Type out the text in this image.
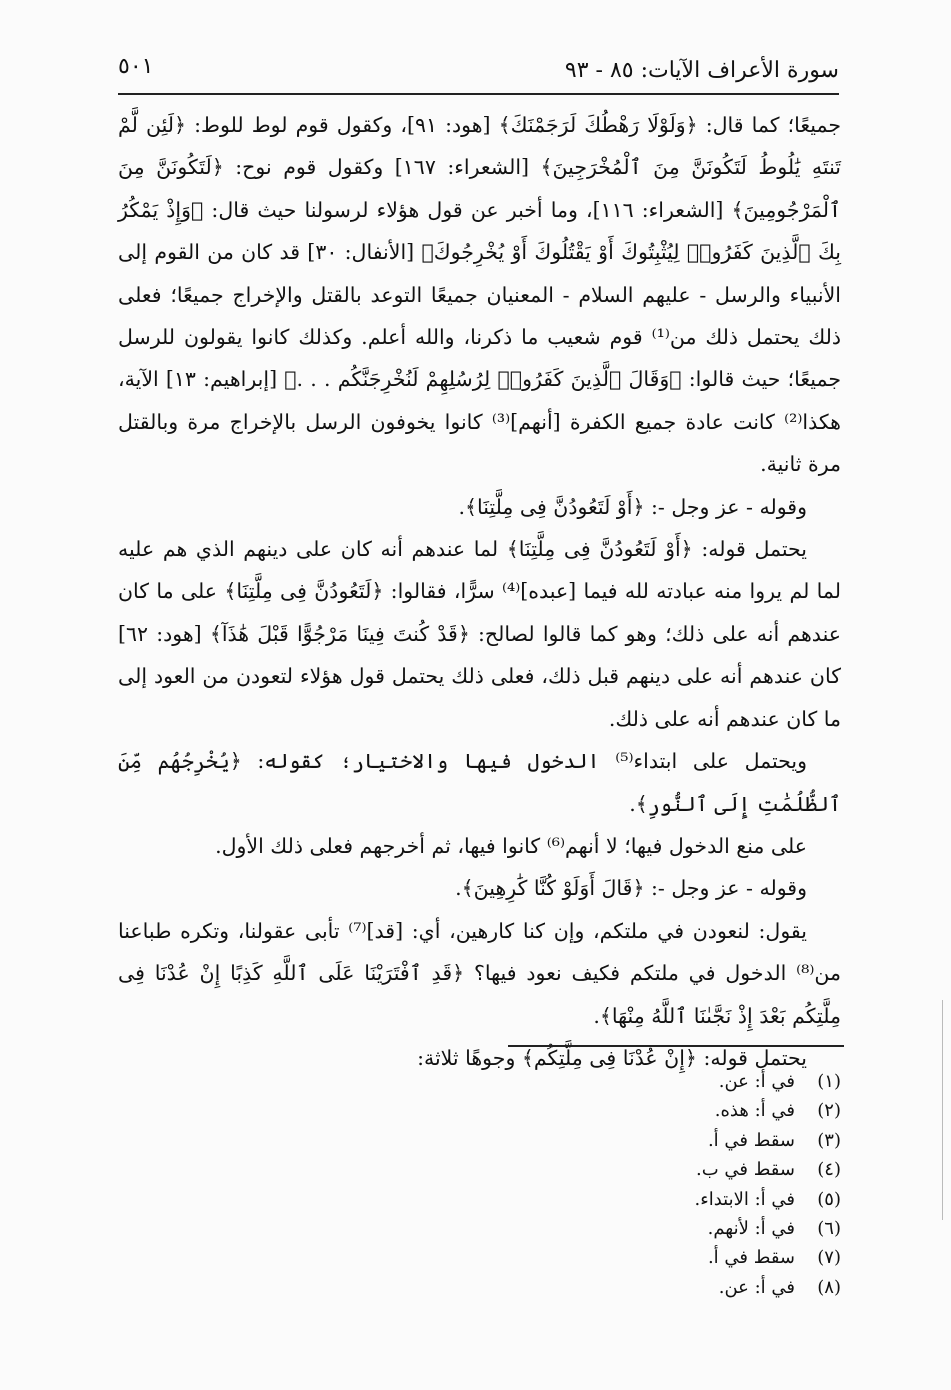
سورة الأعراف الآيات: ٨٥ - ٩٣
٥٠١

جميعًا؛ كما قال: ﴿وَلَوْلَا رَهْطُكَ لَرَجَمْنَكَ﴾ [هود: ٩١]، وكقول قوم لوط للوط: ﴿لَئِن لَّمْ تَنتَهِ يَٰلُوطُ لَتَكُونَنَّ مِنَ ٱلْمُخْرَجِينَ﴾ [الشعراء: ١٦٧] وكقول قوم نوح: ﴿لَتَكُونَنَّ مِنَ ٱلْمَرْجُومِينَ﴾ [الشعراء: ١١٦]، وما أخبر عن قول هؤلاء لرسولنا حيث قال: ﴿وَإِذْ يَمْكُرُ بِكَ ٱلَّذِينَ كَفَرُوا۟ لِيُثْبِتُوكَ أَوْ يَقْتُلُوكَ أَوْ يُخْرِجُوكَ﴾ [الأنفال: ٣٠] قد كان من القوم إلى الأنبياء والرسل - عليهم السلام - المعنيان جميعًا التوعد بالقتل والإخراج جميعًا؛ فعلى ذلك يحتمل ذلك من⁽¹⁾ قوم شعيب ما ذكرنا، والله أعلم. وكذلك كانوا يقولون للرسل جميعًا؛ حيث قالوا: ﴿وَقَالَ ٱلَّذِينَ كَفَرُوا۟ لِرُسُلِهِمْ لَنُخْرِجَنَّكُم . . .﴾ [إبراهيم: ١٣] الآية، هكذا⁽²⁾ كانت عادة جميع الكفرة [أنهم]⁽³⁾ كانوا يخوفون الرسل بالإخراج مرة وبالقتل مرة ثانية.

وقوله - عز وجل -: ﴿أَوْ لَتَعُودُنَّ فِى مِلَّتِنَا﴾.

يحتمل قوله: ﴿أَوْ لَتَعُودُنَّ فِى مِلَّتِنَا﴾ لما عندهم أنه كان على دينهم الذي هم عليه لما لم يروا منه عبادته لله فيما [عبده]⁽⁴⁾ سرًّا، فقالوا: ﴿لَتَعُودُنَّ فِى مِلَّتِنَا﴾ على ما كان عندهم أنه على ذلك؛ وهو كما قالوا لصالح: ﴿قَدْ كُنتَ فِينَا مَرْجُوًّا قَبْلَ هَٰذَآ﴾ [هود: ٦٢] كان عندهم أنه على دينهم قبل ذلك، فعلى ذلك يحتمل قول هؤلاء لتعودن من العود إلى ما كان عندهم أنه على ذلك.

ويحتمل على ابتداء⁽⁵⁾ الدخول فيها والاختيار؛ كقوله: ﴿يُخْرِجُهُم مِّنَ ٱلظُّلُمَٰتِ إِلَى ٱلنُّورِ﴾.

على منع الدخول فيها؛ لا أنهم⁽⁶⁾ كانوا فيها، ثم أخرجهم فعلى ذلك الأول.

وقوله - عز وجل -: ﴿قَالَ أَوَلَوْ كُنَّا كَٰرِهِينَ﴾.

يقول: لنعودن في ملتكم، وإن كنا كارهين، أي: [قد]⁽⁷⁾ تأبى عقولنا، وتكره طباعنا من⁽⁸⁾ الدخول في ملتكم فكيف نعود فيها؟ ﴿قَدِ ٱفْتَرَيْنَا عَلَى ٱللَّهِ كَذِبًا إِنْ عُدْنَا فِى مِلَّتِكُم بَعْدَ إِذْ نَجَّىٰنَا ٱللَّهُ مِنْهَا﴾.

يحتمل قوله: ﴿إِنْ عُدْنَا فِى مِلَّتِكُم﴾ وجوهًا ثلاثة:

(١)في أ: عن.
(٢)في أ: هذه.
(٣)سقط في أ.
(٤)سقط في ب.
(٥)في أ: الابتداء.
(٦)في أ: لأنهم.
(٧)سقط في أ.
(٨)في أ: عن.
